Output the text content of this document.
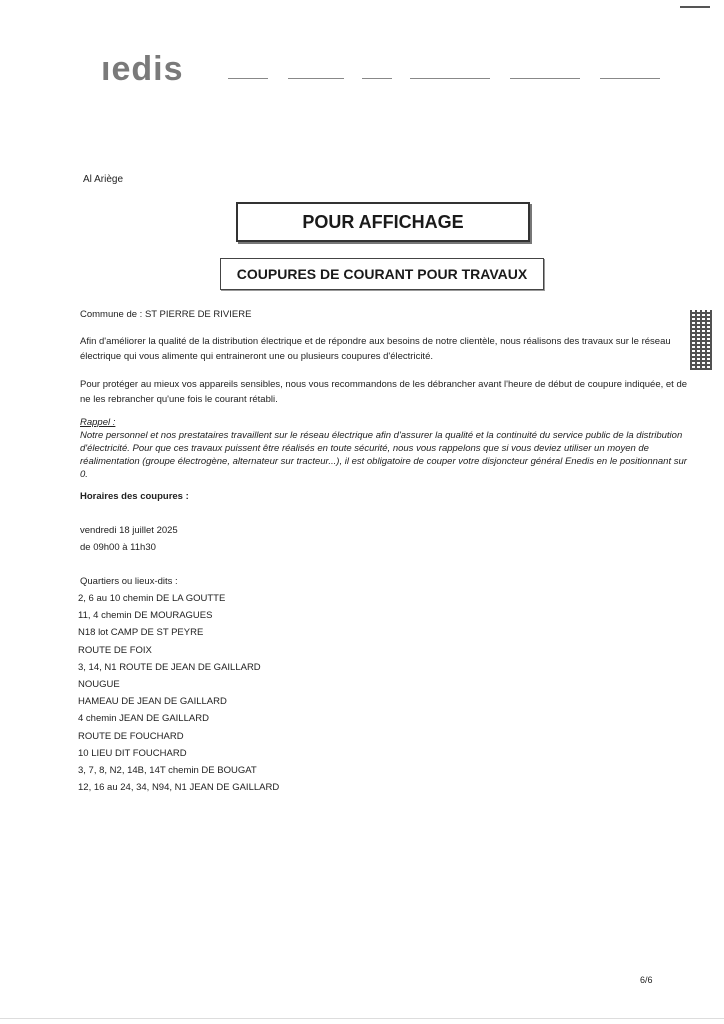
ıedis
Al Ariège
POUR AFFICHAGE
COUPURES DE COURANT POUR TRAVAUX
Commune de : ST PIERRE DE RIVIERE
Afin d'améliorer la qualité de la distribution électrique et de répondre aux besoins de notre clientèle, nous réalisons des travaux sur le réseau électrique qui vous alimente qui entraineront une ou plusieurs coupures d'électricité.
Pour protéger au mieux vos appareils sensibles, nous vous recommandons de les débrancher avant l'heure de début de coupure indiquée, et de ne les rebrancher qu'une fois le courant rétabli.
Rappel :
Notre personnel et nos prestataires travaillent sur le réseau électrique afin d'assurer la qualité et la continuité du service public de la distribution d'électricité. Pour que ces travaux puissent être réalisés en toute sécurité, nous vous rappelons que si vous deviez utiliser un moyen de réalimentation (groupe électrogène, alternateur sur tracteur...), il est obligatoire de couper votre disjoncteur général Enedis en le positionnant sur 0.
Horaires des coupures :
vendredi 18 juillet 2025
de 09h00 à 11h30
Quartiers ou lieux-dits :
2, 6 au 10 chemin DE LA GOUTTE
11, 4 chemin DE MOURAGUES
N18 lot CAMP DE ST PEYRE
ROUTE DE FOIX
3, 14, N1 ROUTE DE JEAN DE GAILLARD
NOUGUE
HAMEAU DE JEAN DE GAILLARD
4 chemin JEAN DE GAILLARD
ROUTE DE FOUCHARD
10 LIEU DIT FOUCHARD
3, 7, 8, N2, 14B, 14T chemin DE BOUGAT
12, 16 au 24, 34, N94, N1 JEAN DE GAILLARD
6/6
